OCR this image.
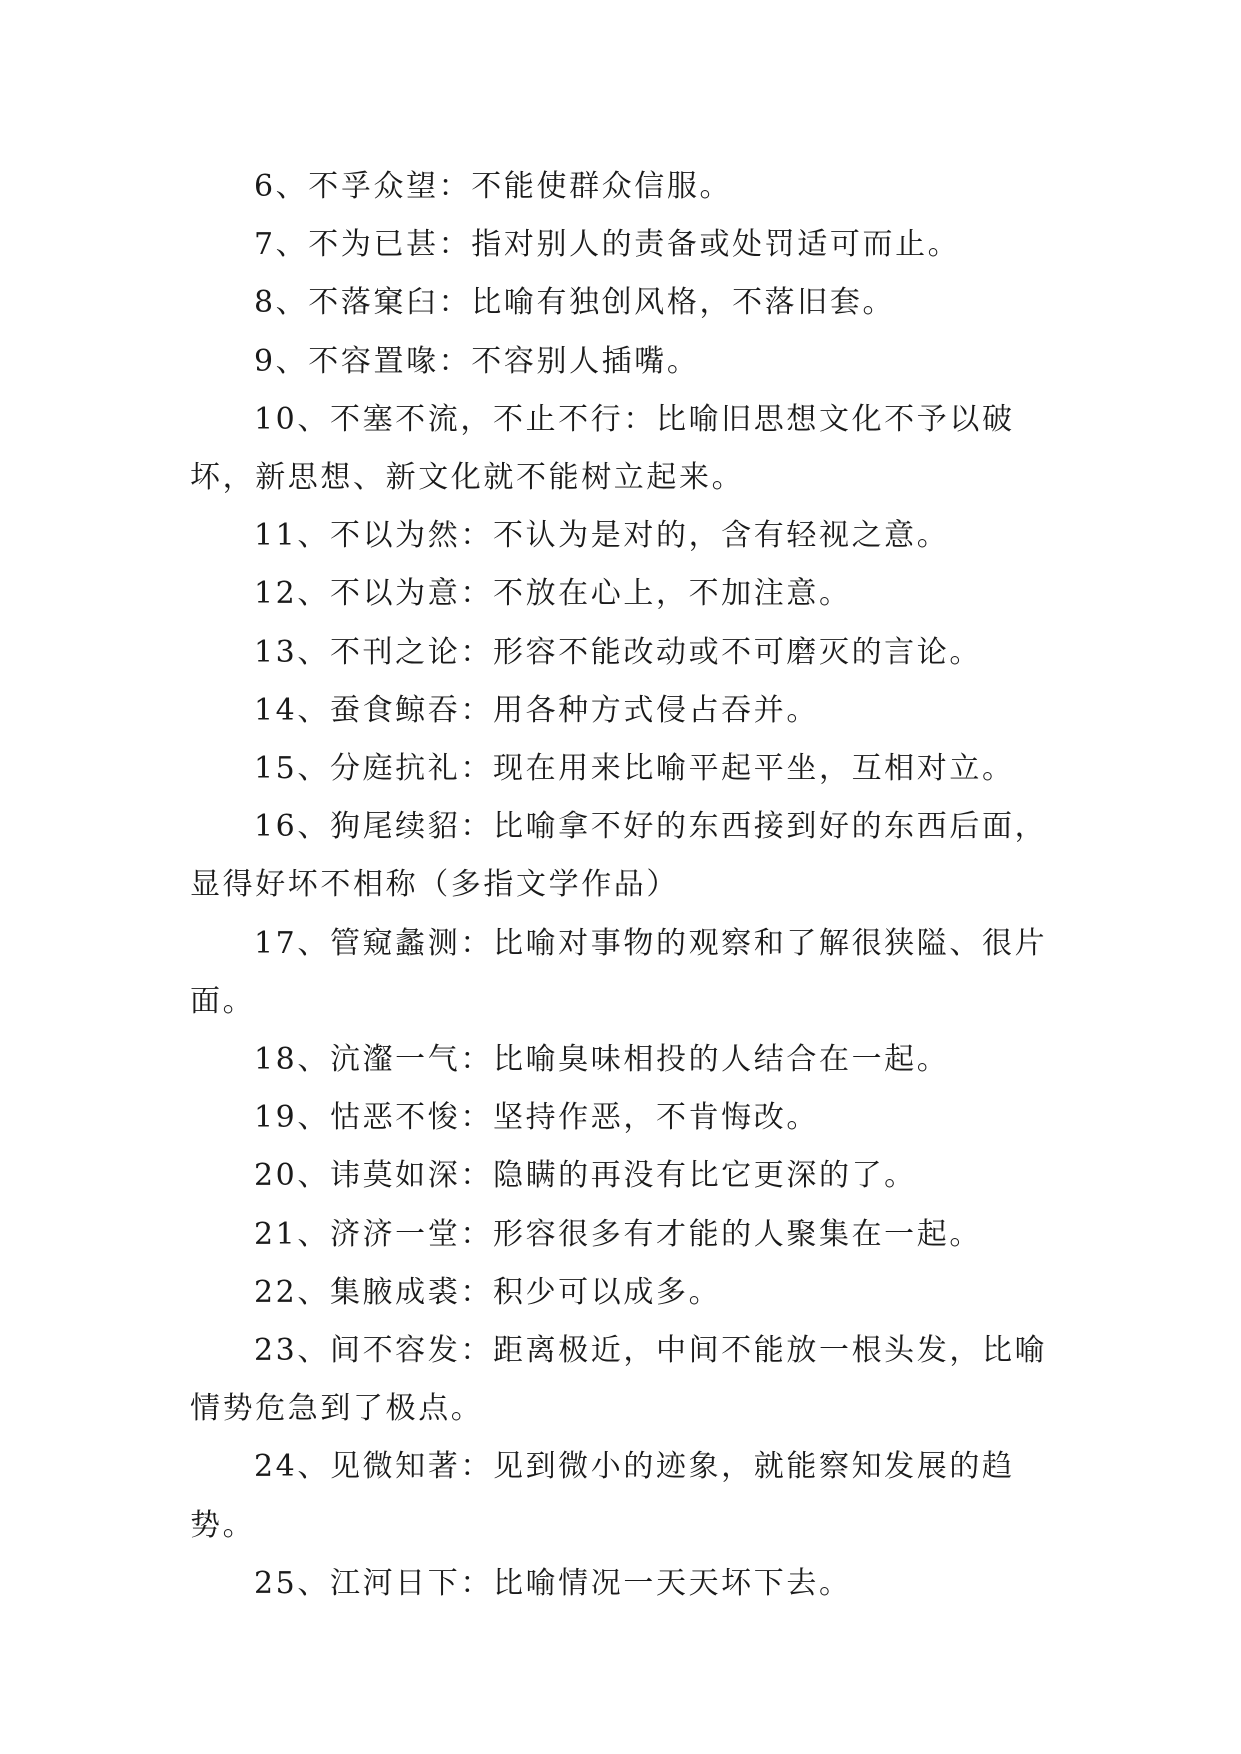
6、不孚众望：不能使群众信服。

7、不为已甚：指对别人的责备或处罚适可而止。

8、不落窠臼：比喻有独创风格，不落旧套。

9、不容置喙：不容别人插嘴。

10、不塞不流，不止不行：比喻旧思想文化不予以破坏，新思想、新文化就不能树立起来。

11、不以为然：不认为是对的，含有轻视之意。

12、不以为意：不放在心上，不加注意。

13、不刊之论：形容不能改动或不可磨灭的言论。

14、蚕食鲸吞：用各种方式侵占吞并。

15、分庭抗礼：现在用来比喻平起平坐，互相对立。

16、狗尾续貂：比喻拿不好的东西接到好的东西后面，显得好坏不相称（多指文学作品）

17、管窥蠡测：比喻对事物的观察和了解很狭隘、很片面。

18、沆瀣一气：比喻臭味相投的人结合在一起。

19、怙恶不悛：坚持作恶，不肯悔改。

20、讳莫如深：隐瞒的再没有比它更深的了。

21、济济一堂：形容很多有才能的人聚集在一起。

22、集腋成裘：积少可以成多。

23、间不容发：距离极近，中间不能放一根头发，比喻情势危急到了极点。

24、见微知著：见到微小的迹象，就能察知发展的趋势。

25、江河日下：比喻情况一天天坏下去。
